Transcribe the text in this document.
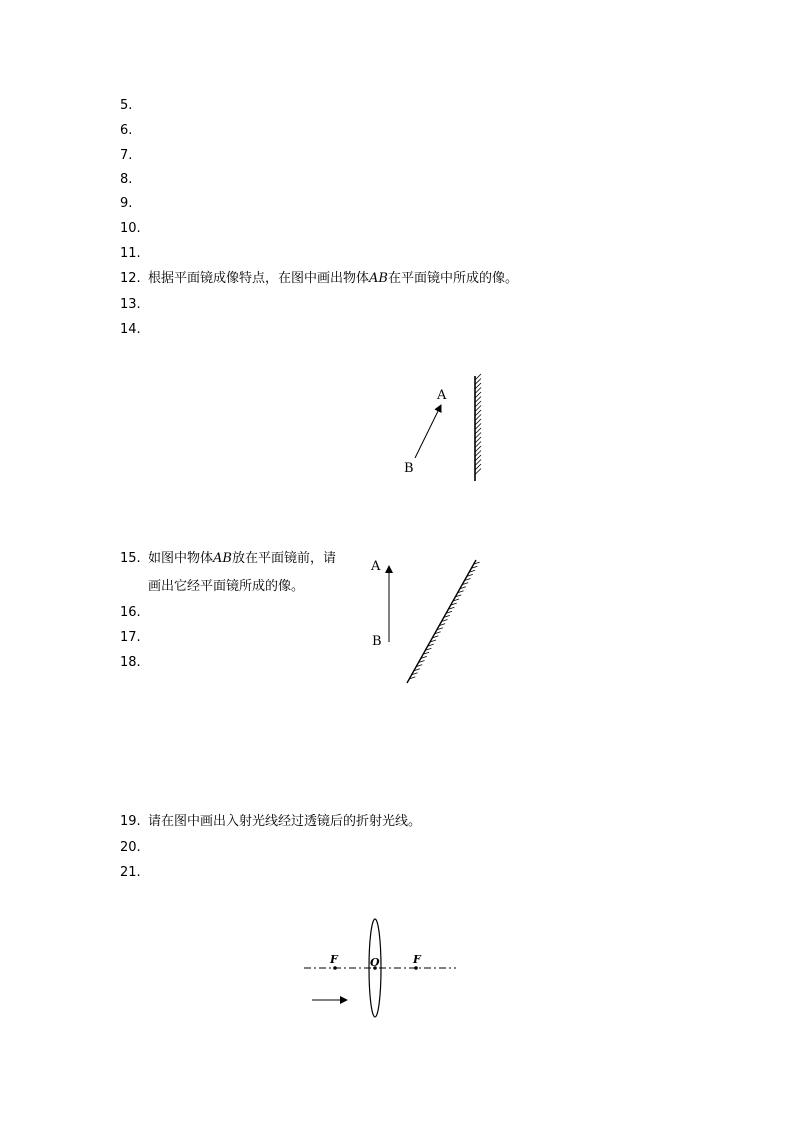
5.
6.
7.
8.
9.
10.
11.
12. 根据平面镜成像特点，在图中画出物体AB在平面镜中所成的像。
13.
14.
15. 如图中物体AB放在平面镜前，请
画出它经平面镜所成的像。
16.
17.
18.
19. 请在图中画出入射光线经过透镜后的折射光线。
20.
21.
A
B
A
B
F	O	F
